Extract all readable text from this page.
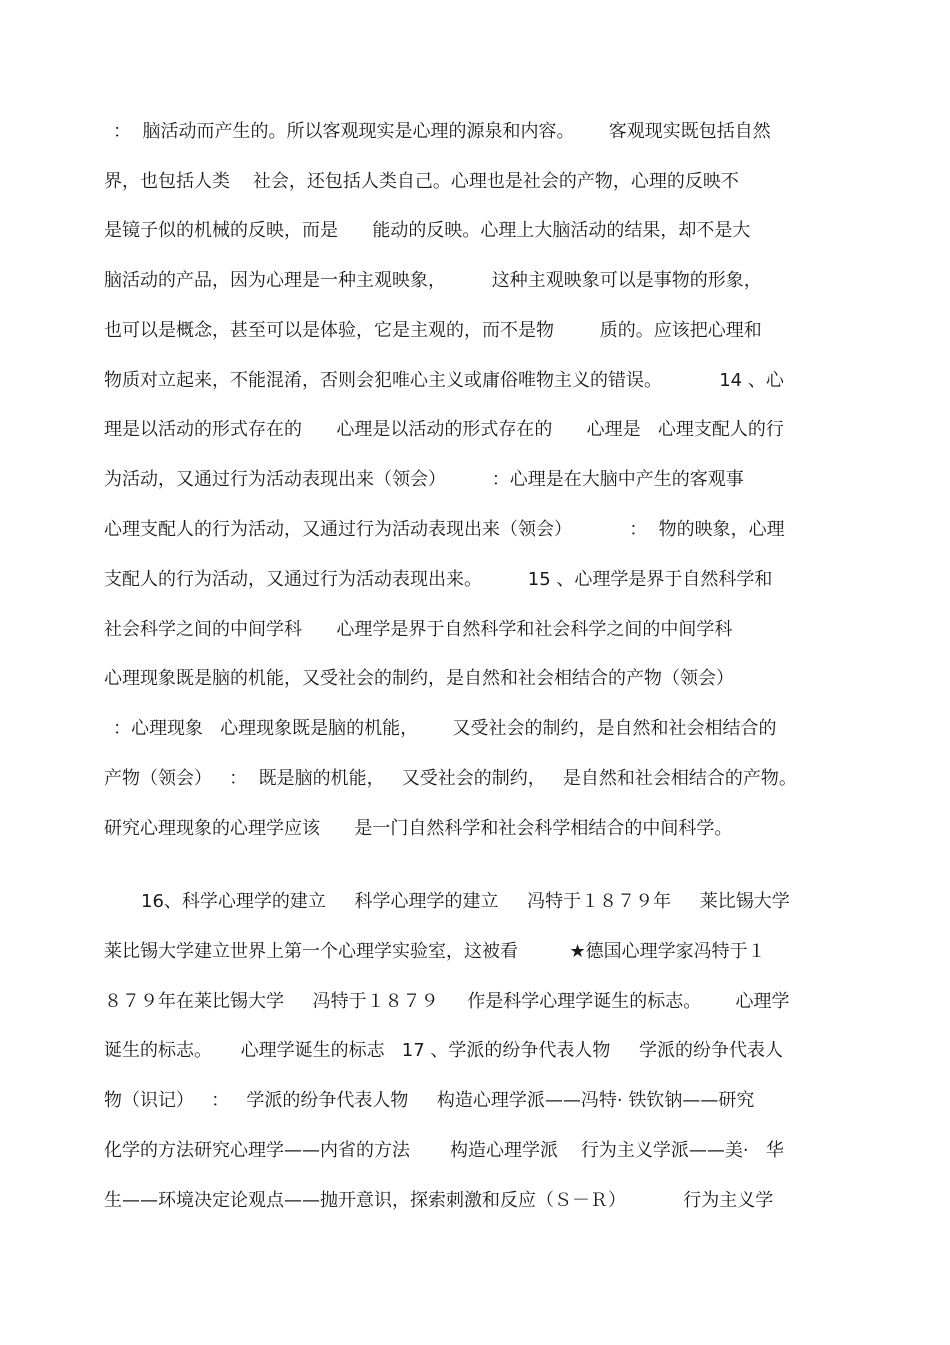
：  脑活动而产生的。所以客观现实是心理的源泉和内容。      客观现实既包括自然
界，也包括人类    社会，还包括人类自己。心理也是社会的产物，心理的反映不
是镜子似的机械的反映，而是      能动的反映。心理上大脑活动的结果，却不是大
脑活动的产品，因为心理是一种主观映象，        这种主观映象可以是事物的形象，
也可以是概念，甚至可以是体验，它是主观的，而不是物        质的。应该把心理和
物质对立起来，不能混淆，否则会犯唯心主义或庸俗唯物主义的错误。          14 、心
理是以活动的形式存在的      心理是以活动的形式存在的      心理是   心理支配人的行
为活动，又通过行为活动表现出来（领会）        ：心理是在大脑中产生的客观事
心理支配人的行为活动，又通过行为活动表现出来（领会）          ：  物的映象，心理
支配人的行为活动，又通过行为活动表现出来。        15 、心理学是界于自然科学和
社会科学之间的中间学科      心理学是界于自然科学和社会科学之间的中间学科
心理现象既是脑的机能，又受社会的制约，是自然和社会相结合的产物（领会）
：心理现象   心理现象既是脑的机能，      又受社会的制约，是自然和社会相结合的
产物（领会）   ：  既是脑的机能，   又受社会的制约，   是自然和社会相结合的产物。
研究心理现象的心理学应该      是一门自然科学和社会科学相结合的中间科学。
16、科学心理学的建立     科学心理学的建立     冯特于１８７９年     莱比锡大学
莱比锡大学建立世界上第一个心理学实验室，这被看         ★德国心理学家冯特于１
８７９年在莱比锡大学     冯特于１８７９     作是科学心理学诞生的标志。      心理学
诞生的标志。     心理学诞生的标志   17 、学派的纷争代表人物     学派的纷争代表人
物（识记）   ：   学派的纷争代表人物     构造心理学派——冯特· 铁钦钠——研究
化学的方法研究心理学——内省的方法       构造心理学派    行为主义学派——美·   华
生——环境决定论观点——抛开意识，探索刺激和反应（Ｓ－Ｒ）          行为主义学
